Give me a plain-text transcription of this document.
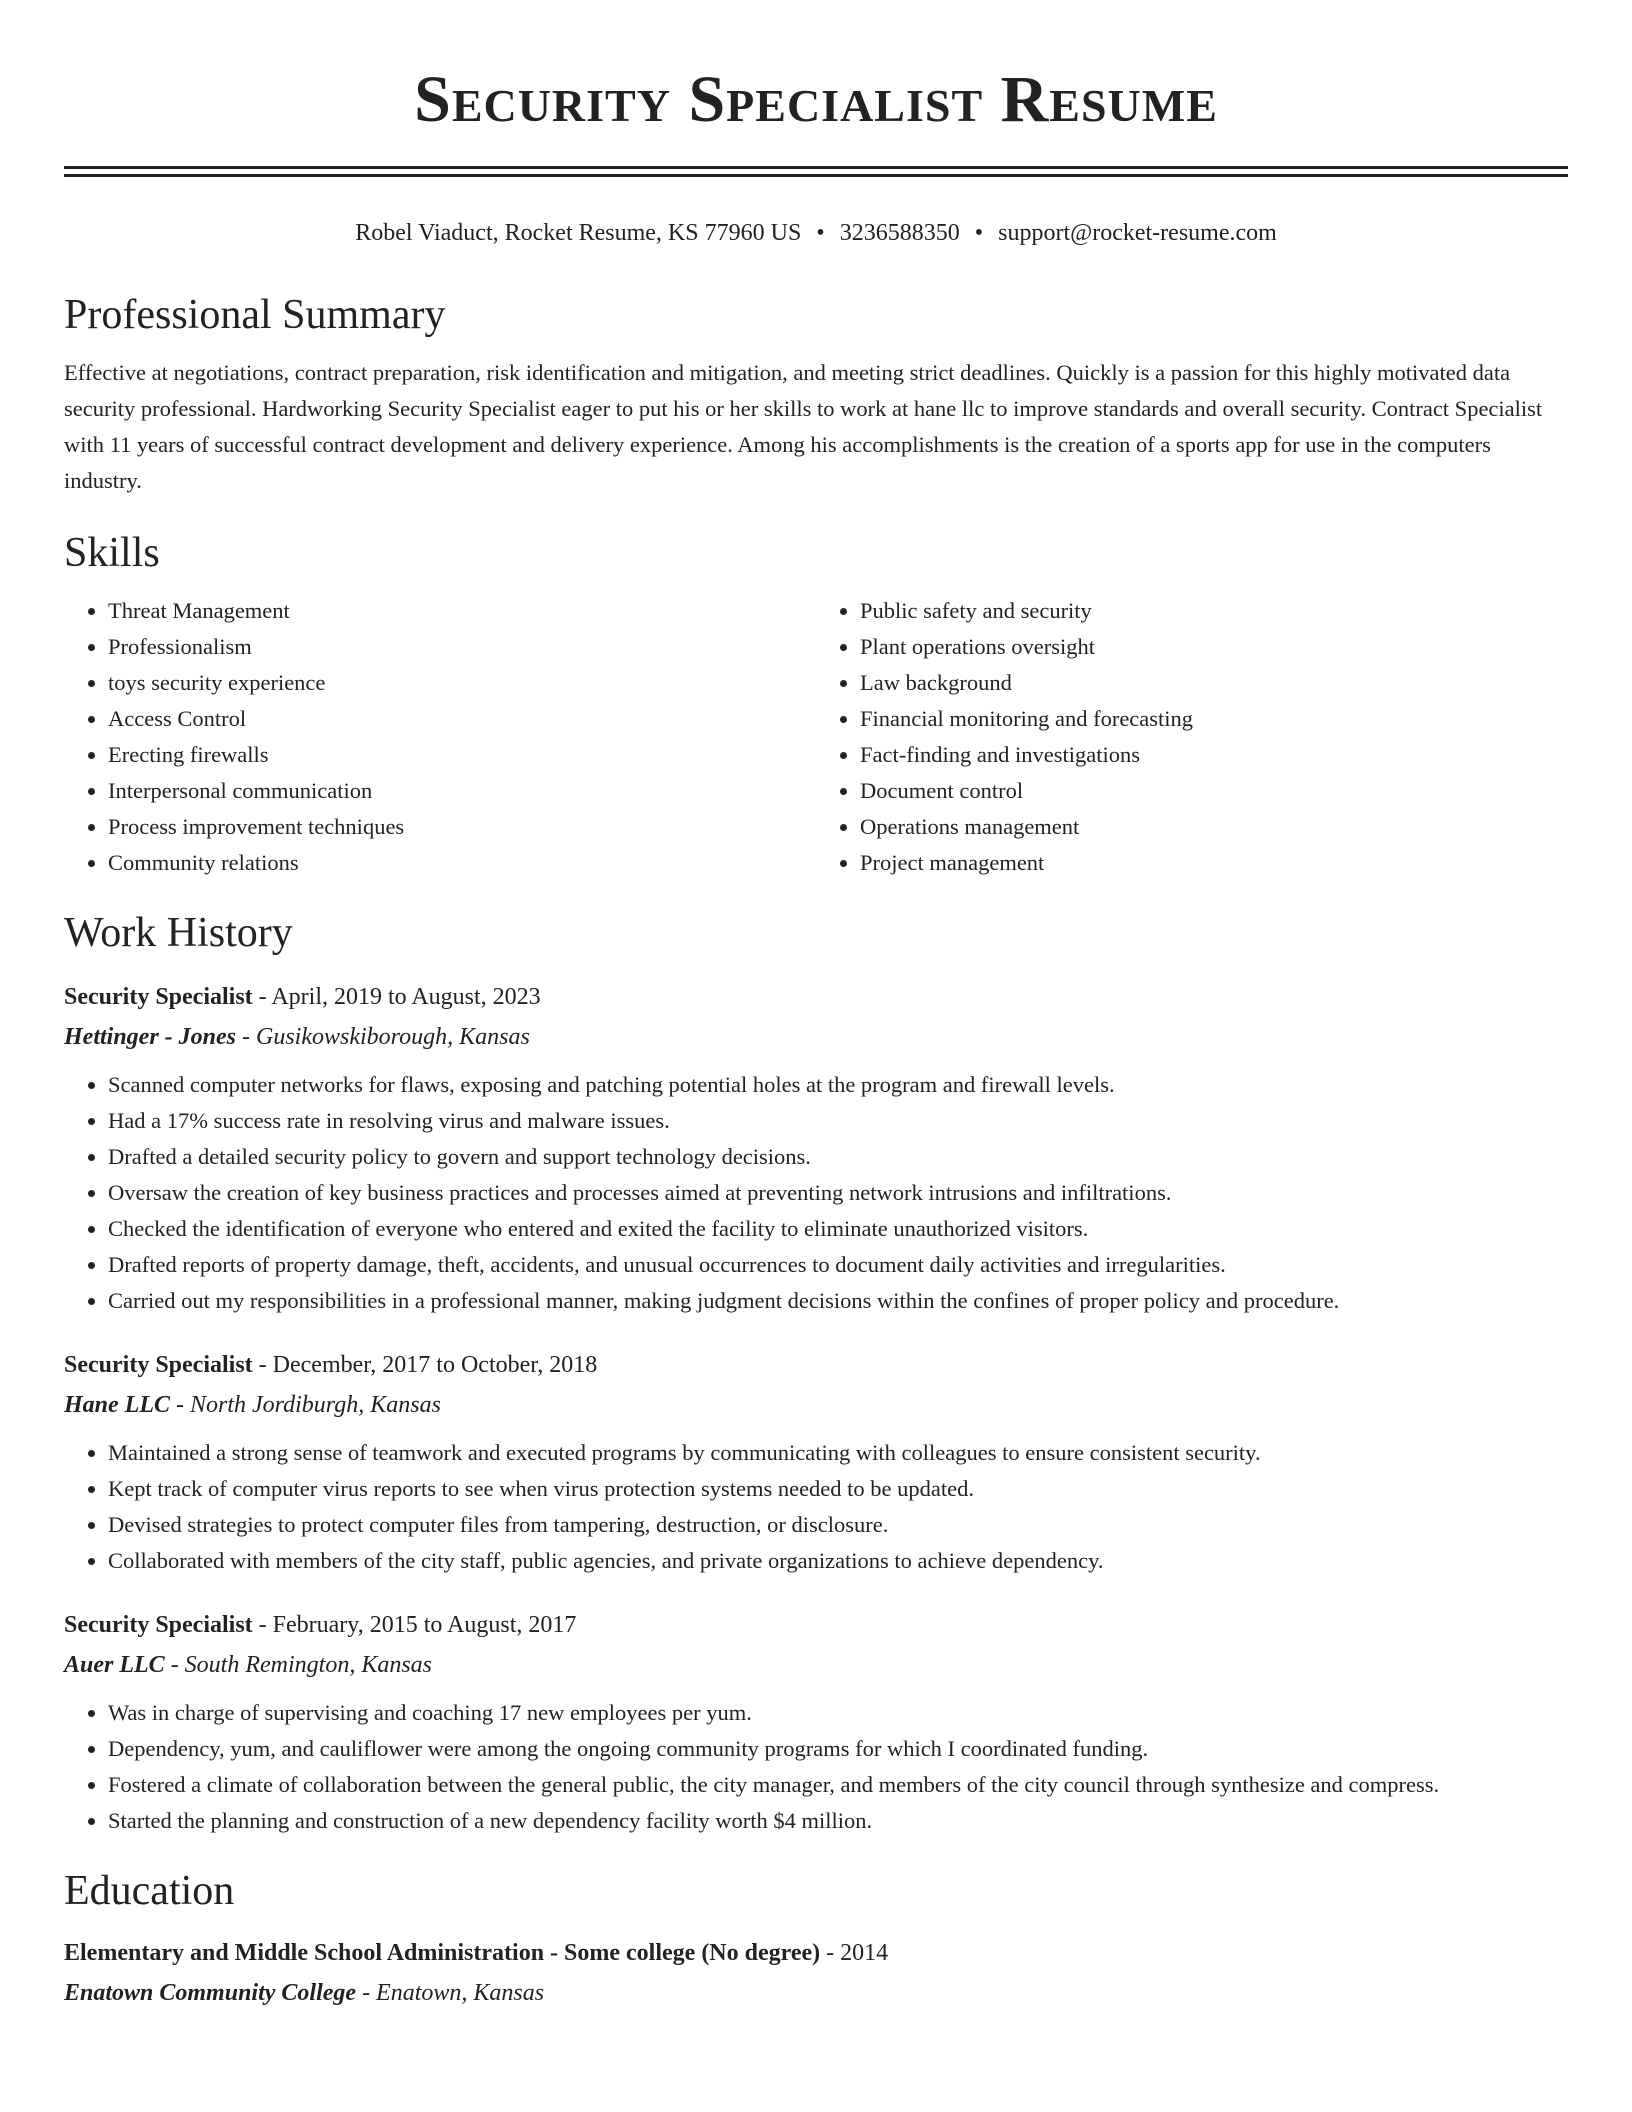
Security Specialist Resume
Robel Viaduct, Rocket Resume, KS 77960 US • 3236588350 • support@rocket-resume.com
Professional Summary

Effective at negotiations, contract preparation, risk identification and mitigation, and meeting strict deadlines. Quickly is a passion for this highly motivated data security professional. Hardworking Security Specialist eager to put his or her skills to work at hane llc to improve standards and overall security. Contract Specialist with 11 years of successful contract development and delivery experience. Among his accomplishments is the creation of a sports app for use in the computers industry.

Skills
• Threat Management
• Professionalism
• toys security experience
• Access Control
• Erecting firewalls
• Interpersonal communication
• Process improvement techniques
• Community relations
• Public safety and security
• Plant operations oversight
• Law background
• Financial monitoring and forecasting
• Fact-finding and investigations
• Document control
• Operations management
• Project management
Work History

Security Specialist - April, 2019 to August, 2023

Hettinger - Jones - Gusikowskiborough, Kansas

• Scanned computer networks for flaws, exposing and patching potential holes at the program and firewall levels.
• Had a 17% success rate in resolving virus and malware issues.
• Drafted a detailed security policy to govern and support technology decisions.
• Oversaw the creation of key business practices and processes aimed at preventing network intrusions and infiltrations.
• Checked the identification of everyone who entered and exited the facility to eliminate unauthorized visitors.
• Drafted reports of property damage, theft, accidents, and unusual occurrences to document daily activities and irregularities.
• Carried out my responsibilities in a professional manner, making judgment decisions within the confines of proper policy and procedure.

Security Specialist - December, 2017 to October, 2018

Hane LLC - North Jordiburgh, Kansas

• Maintained a strong sense of teamwork and executed programs by communicating with colleagues to ensure consistent security.
• Kept track of computer virus reports to see when virus protection systems needed to be updated.
• Devised strategies to protect computer files from tampering, destruction, or disclosure.
• Collaborated with members of the city staff, public agencies, and private organizations to achieve dependency.

Security Specialist - February, 2015 to August, 2017

Auer LLC - South Remington, Kansas

• Was in charge of supervising and coaching 17 new employees per yum.
• Dependency, yum, and cauliflower were among the ongoing community programs for which I coordinated funding.
• Fostered a climate of collaboration between the general public, the city manager, and members of the city council through synthesize and compress.
• Started the planning and construction of a new dependency facility worth $4 million.
Education

Elementary and Middle School Administration - Some college (No degree) - 2014

Enatown Community College - Enatown, Kansas
